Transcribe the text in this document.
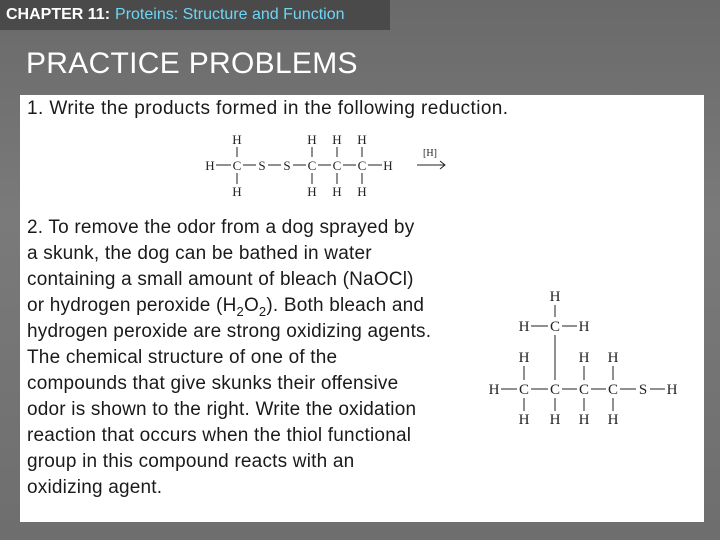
CHAPTER 11: Proteins: Structure and Function
PRACTICE PROBLEMS
1. Write the products formed in the following reduction.
H	H H H
H C S S C C C H
H	H H H
[H]
2. To remove the odor from a dog sprayed by
a skunk, the dog can be bathed in water
containing a small amount of bleach (NaOCl)
or hydrogen peroxide $(H_2O_2)$. Both bleach and
hydrogen peroxide are strong oxidizing agents.
The chemical structure of one of the
compounds that give skunks their offensive
odor is shown to the right. Write the oxidation
reaction that occurs when the thiol functional
group in this compound reacts with an
oxidizing agent.
H
H C H
H	H H
H C C C C S H
H H H H
